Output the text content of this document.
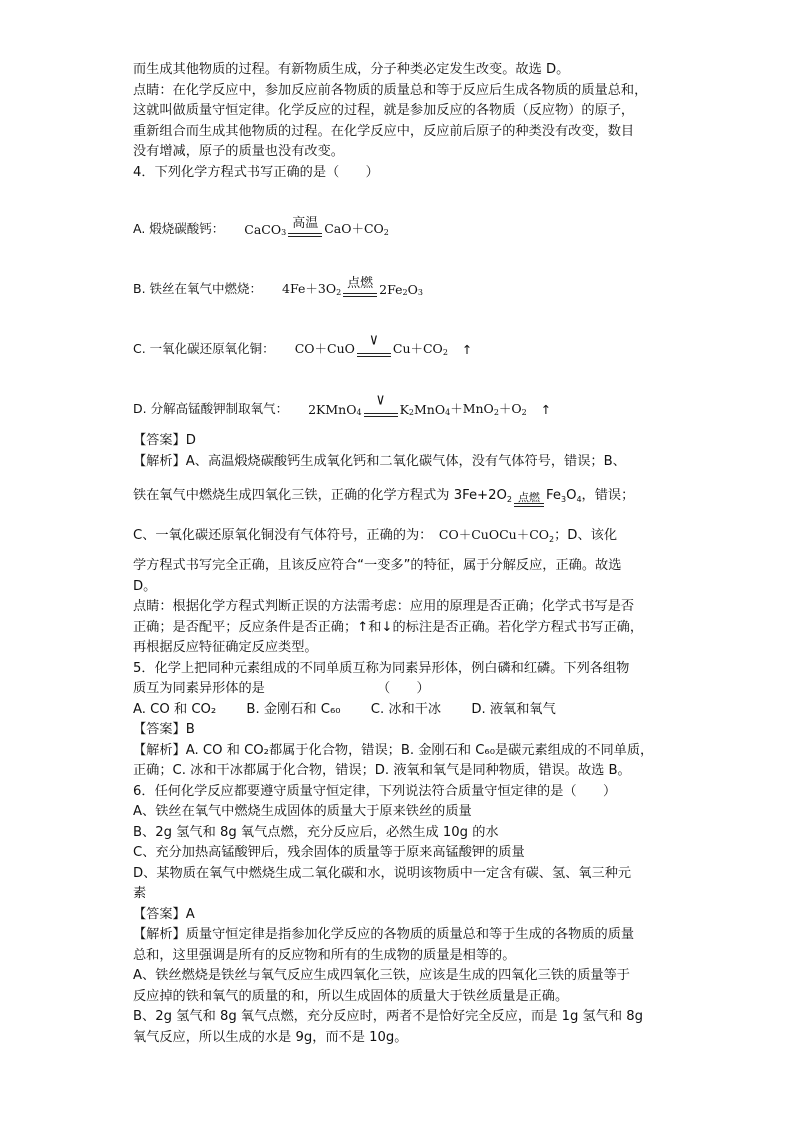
而生成其他物质的过程。有新物质生成，分子种类必定发生改变。故选 D。
点睛：在化学反应中，参加反应前各物质的质量总和等于反应后生成各物质的质量总和，
这就叫做质量守恒定律。化学反应的过程，就是参加反应的各物质（反应物）的原子，
重新组合而生成其他物质的过程。在化学反应中，反应前后原子的种类没有改变，数目
没有增减，原子的质量也没有改变。
4．下列化学方程式书写正确的是（　　）
A. 煅烧碳酸钙： CaCO$_3$
高温 $CaO+CO_2$
B. 铁丝在氧气中燃烧： $4Fe+3O_2$
点燃 $2Fe_2$ $O_3$
C. 一氧化碳还原氧化铜： CO＋CuO ∨ $Cu+CO_2$ ↑
D. 分解高锰酸钾制取氧气： 2KMnO$_4$
∨
$K_2$ $MnO_4 +MnO_2 +O_2$ ↑
【答案】D
【解析】A、高温煅烧碳酸钙生成氧化钙和二氧化碳气体，没有气体符号，错误；B、
铁在氧气中燃烧生成四氧化三铁，正确的化学方程式为 $3Fe+2O_2$ 点燃 $Fe_3O_4$，错误；
C、一氧化碳还原氧化铜没有气体符号，正确的为：　 $CO+CuOCu+CO_2$；D、该化
学方程式书写完全正确，且该反应符合“一变多”的特征，属于分解反应，正确。故选
D。
点睛：根据化学方程式判断正误的方法需考虑：应用的原理是否正确；化学式书写是否
正确；是否配平；反应条件是否正确；↑和↓的标注是否正确。若化学方程式书写正确，
再根据反应特征确定反应类型。
5．化学上把同种元素组成的不同单质互称为同素异形体，例白磷和红磷。下列各组物
质互为同素异形体的是　　　　　　　　　（　　）
A. CO 和 CO₂ B. 金刚石和 C₆₀ C. 冰和干冰 D. 液氧和氧气
【答案】B
【解析】A. CO 和 CO₂都属于化合物，错误；B. 金刚石和 C₆₀是碳元素组成的不同单质，
正确；C. 冰和干冰都属于化合物，错误；D. 液氧和氧气是同种物质，错误。故选 B。
6．任何化学反应都要遵守质量守恒定律，下列说法符合质量守恒定律的是（　　）
A、铁丝在氧气中燃烧生成固体的质量大于原来铁丝的质量
B、2g 氢气和 8g 氧气点燃，充分反应后，必然生成 10g 的水
C、充分加热高锰酸钾后，残余固体的质量等于原来高锰酸钾的质量
D、某物质在氧气中燃烧生成二氧化碳和水，说明该物质中一定含有碳、氢、氧三种元
素
【答案】A
【解析】质量守恒定律是指参加化学反应的各物质的质量总和等于生成的各物质的质量
总和，这里强调是所有的反应物和所有的生成物的质量是相等的。
A、铁丝燃烧是铁丝与氧气反应生成四氧化三铁，应该是生成的四氧化三铁的质量等于
反应掉的铁和氧气的质量的和，所以生成固体的质量大于铁丝质量是正确。
B、2g 氢气和 8g 氧气点燃，充分反应时，两者不是恰好完全反应，而是 1g 氢气和 8g
氧气反应，所以生成的水是 9g，而不是 10g。
